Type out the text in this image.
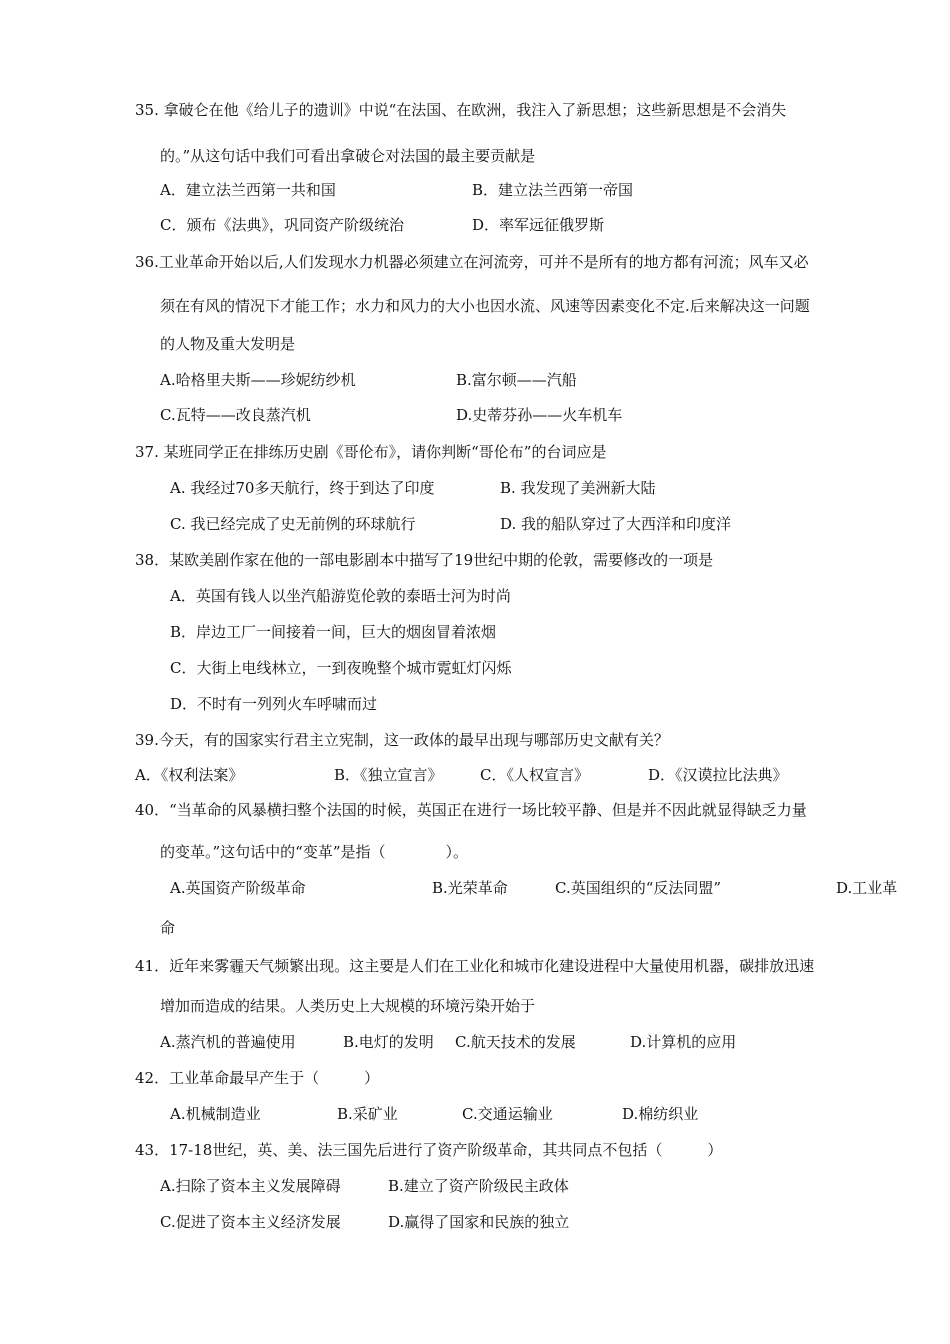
35. 拿破仑在他《给儿子的遗训》中说“在法国、在欧洲，我注入了新思想；这些新思想是不会消失
的。”从这句话中我们可看出拿破仑对法国的最主要贡献是
A．建立法兰西第一共和国	B．建立法兰西第一帝国
C．颁布《法典》，巩同资产阶级统治	D．率军远征俄罗斯
36.工业革命开始以后,人们发现水力机器必须建立在河流旁，可并不是所有的地方都有河流；风车又必
须在有风的情况下才能工作；水力和风力的大小也因水流、风速等因素变化不定.后来解决这一问题
的人物及重大发明是
A.哈格里夫斯——珍妮纺纱机	B.富尔顿——汽船
C.瓦特——改良蒸汽机	D.史蒂芬孙——火车机车
37. 某班同学正在排练历史剧《哥伦布》，请你判断“哥伦布”的台词应是
A. 我经过70多天航行，终于到达了印度	B. 我发现了美洲新大陆
C. 我已经完成了史无前例的环球航行	D. 我的船队穿过了大西洋和印度洋
38．某欧美剧作家在他的一部电影剧本中描写了19世纪中期的伦敦，需要修改的一项是
A．英国有钱人以坐汽船游览伦敦的泰晤士河为时尚
B．岸边工厂一间接着一间，巨大的烟囱冒着浓烟
C．大街上电线林立，一到夜晚整个城市霓虹灯闪烁
D．不时有一列列火车呼啸而过
39.今天，有的国家实行君主立宪制，这一政体的最早出现与哪部历史文献有关？
A．《权利法案》	B．《独立宣言》 C．《人权宣言》	D．《汉谟拉比法典》
40．“当革命的风暴横扫整个法国的时候，英国正在进行一场比较平静、但是并不因此就显得缺乏力量
的变革。”这句话中的“变革”是指（　　　　）。
A.英国资产阶级革命	B.光荣革命	C.英国组织的“反法同盟”	D.工业革
命
41．近年来雾霾天气频繁出现。这主要是人们在工业化和城市化建设进程中大量使用机器，碳排放迅速
增加而造成的结果。人类历史上大规模的环境污染开始于
A.蒸汽机的普遍使用	B.电灯的发明 C.航天技术的发展	D.计算机的应用
42．工业革命最早产生于（　　　）
A.机械制造业	B.采矿业	C.交通运输业	D.棉纺织业
43．17-18世纪，英、美、法三国先后进行了资产阶级革命，其共同点不包括（　　　）
A.扫除了资本主义发展障碍	B.建立了资产阶级民主政体
C.促进了资本主义经济发展	D.赢得了国家和民族的独立
